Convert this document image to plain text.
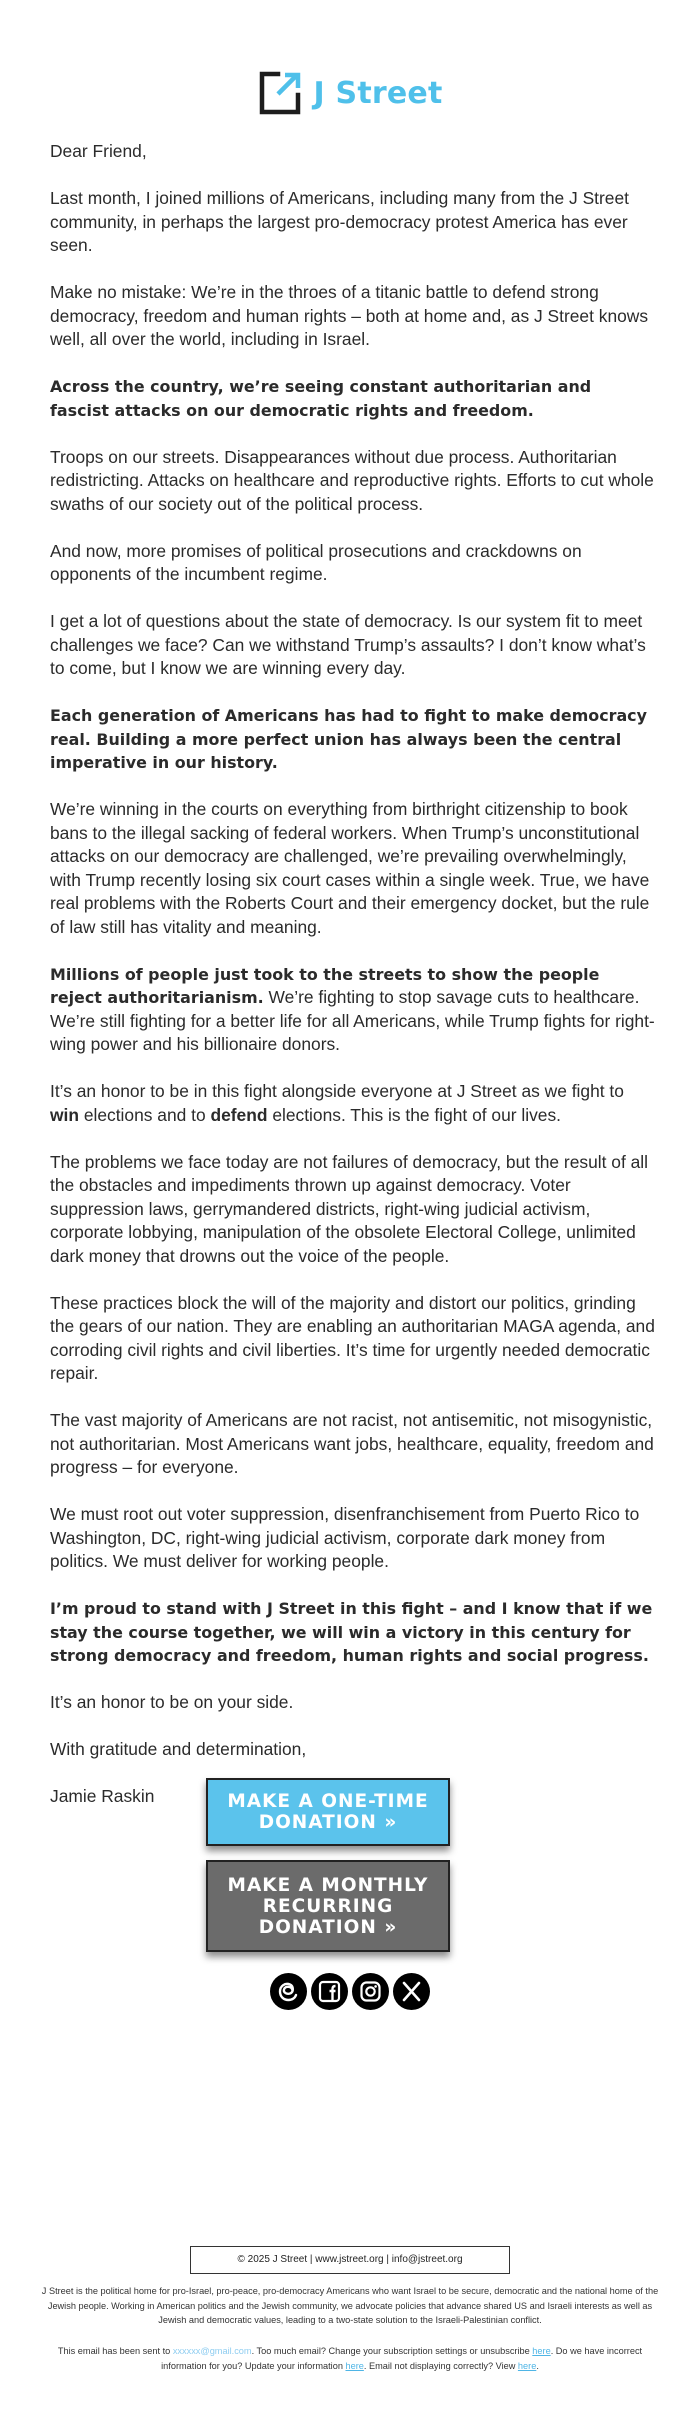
J Street

Dear Friend,

Last month, I joined millions of Americans, including many from the J Street community, in perhaps the largest pro-democracy protest America has ever seen.

Make no mistake: We’re in the throes of a titanic battle to defend strong democracy, freedom and human rights – both at home and, as J Street knows well, all over the world, including in Israel.

Across the country, we’re seeing constant authoritarian and fascist attacks on our democratic rights and freedom.

Troops on our streets. Disappearances without due process. Authoritarian redistricting. Attacks on healthcare and reproductive rights. Efforts to cut whole swaths of our society out of the political process.

And now, more promises of political prosecutions and crackdowns on opponents of the incumbent regime.

I get a lot of questions about the state of democracy. Is our system fit to meet challenges we face? Can we withstand Trump’s assaults? I don’t know what’s to come, but I know we are winning every day.

Each generation of Americans has had to fight to make democracy real. Building a more perfect union has always been the central imperative in our history.

We’re winning in the courts on everything from birthright citizenship to book bans to the illegal sacking of federal workers. When Trump’s unconstitutional attacks on our democracy are challenged, we’re prevailing overwhelmingly, with Trump recently losing six court cases within a single week. True, we have real problems with the Roberts Court and their emergency docket, but the rule of law still has vitality and meaning.

Millions of people just took to the streets to show the people reject authoritarianism. We’re fighting to stop savage cuts to healthcare. We’re still fighting for a better life for all Americans, while Trump fights for right-wing power and his billionaire donors.

It’s an honor to be in this fight alongside everyone at J Street as we fight to win elections and to defend elections. This is the fight of our lives.

The problems we face today are not failures of democracy, but the result of all the obstacles and impediments thrown up against democracy. Voter suppression laws, gerrymandered districts, right-wing judicial activism, corporate lobbying, manipulation of the obsolete Electoral College, unlimited dark money that drowns out the voice of the people.

These practices block the will of the majority and distort our politics, grinding the gears of our nation. They are enabling an authoritarian MAGA agenda, and corroding civil rights and civil liberties. It’s time for urgently needed democratic repair.

The vast majority of Americans are not racist, not antisemitic, not misogynistic, not authoritarian. Most Americans want jobs, healthcare, equality, freedom and progress – for everyone.

We must root out voter suppression, disenfranchisement from Puerto Rico to Washington, DC, right-wing judicial activism, corporate dark money from politics. We must deliver for working people.

I’m proud to stand with J Street in this fight – and I know that if we stay the course together, we will win a victory in this century for strong democracy and freedom, human rights and social progress.

It’s an honor to be on your side.

With gratitude and determination,

Jamie Raskin	MAKE A ONE-TIME DONATION »
MAKE A MONTHLY RECURRING DONATION »
© 2025 J Street | www.jstreet.org | info@jstreet.org
J Street is the political home for pro-Israel, pro-peace, pro-democracy Americans who want Israel to be secure, democratic and the national home of the Jewish people. Working in American politics and the Jewish community, we advocate policies that advance shared US and Israeli interests as well as Jewish and democratic values, leading to a two-state solution to the Israeli-Palestinian conflict.
This email has been sent to xxxxxx@gmail.com. Too much email? Change your subscription settings or unsubscribe here. Do we have incorrect information for you? Update your information here. Email not displaying correctly? View here.
